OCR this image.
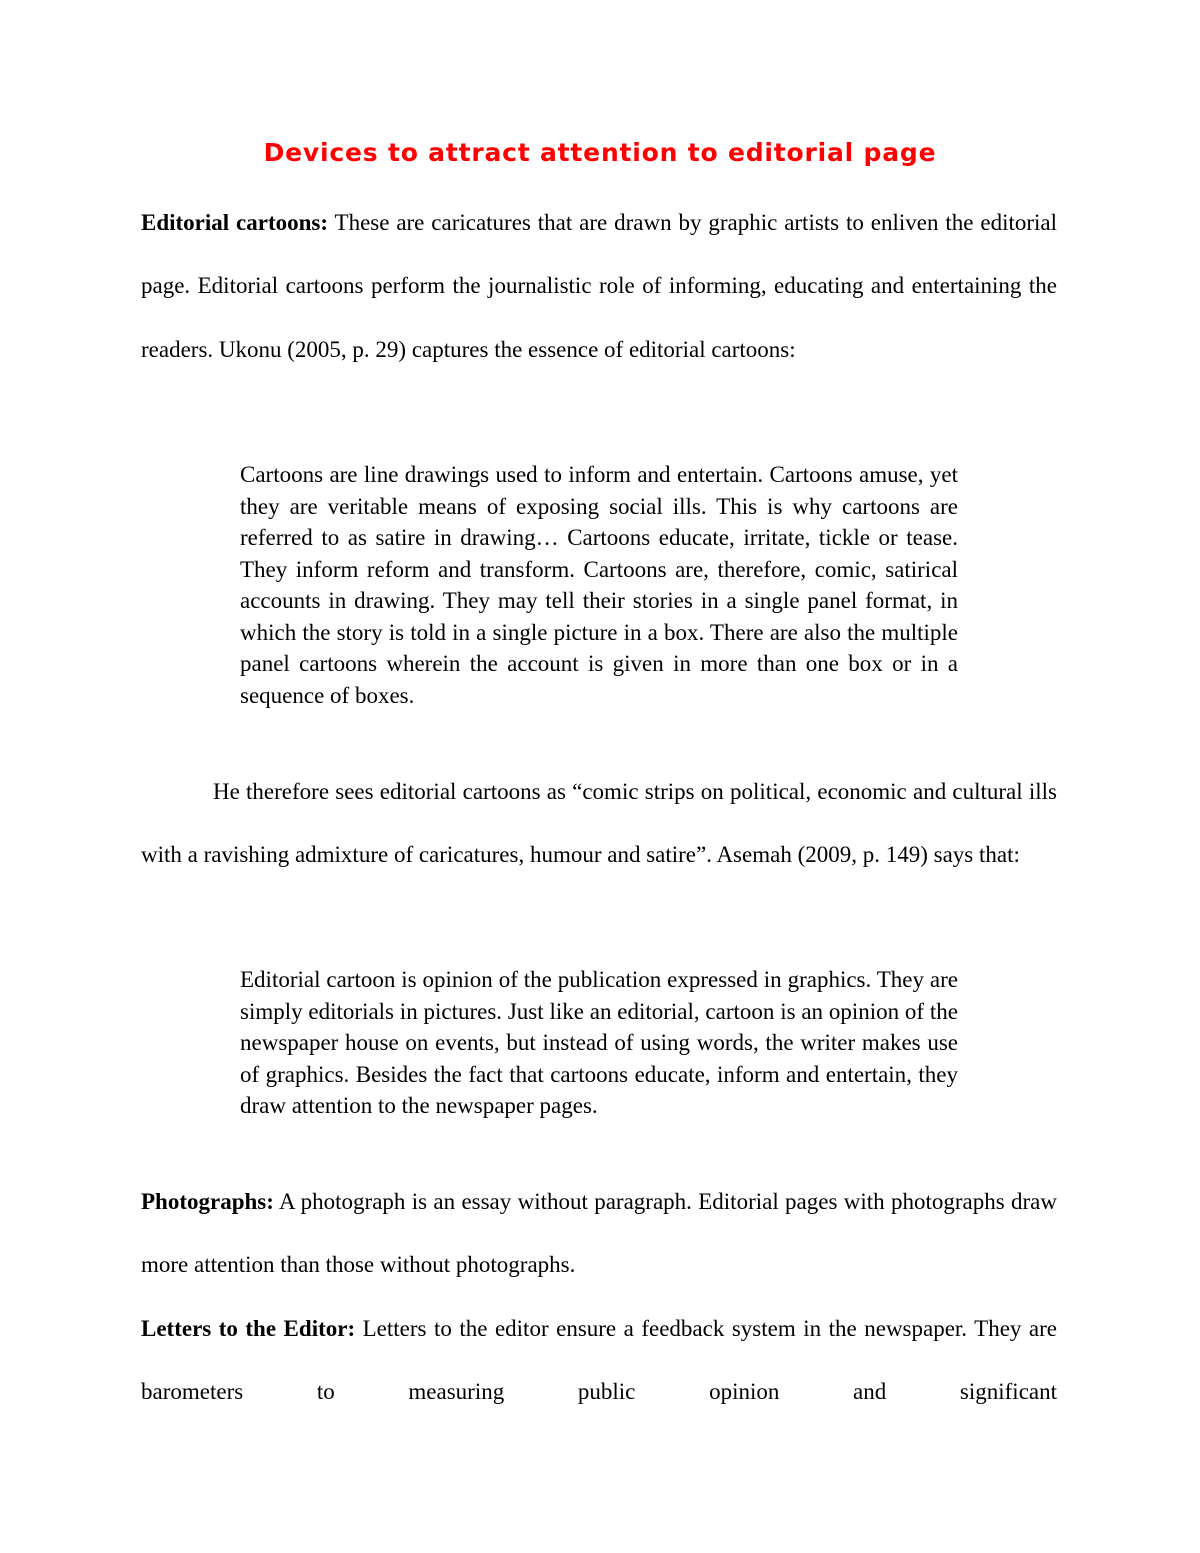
Devices to attract attention to editorial page

Editorial cartoons: These are caricatures that are drawn by graphic artists to enliven the editorial page. Editorial cartoons perform the journalistic role of informing, educating and entertaining the readers. Ukonu (2005, p. 29) captures the essence of editorial cartoons:

Cartoons are line drawings used to inform and entertain. Cartoons amuse, yet they are veritable means of exposing social ills. This is why cartoons are referred to as satire in drawing… Cartoons educate, irritate, tickle or tease. They inform reform and transform. Cartoons are, therefore, comic, satirical accounts in drawing. They may tell their stories in a single panel format, in which the story is told in a single picture in a box. There are also the multiple panel cartoons wherein the account is given in more than one box or in a sequence of boxes.

He therefore sees editorial cartoons as “comic strips on political, economic and cultural ills with a ravishing admixture of caricatures, humour and satire”. Asemah (2009, p. 149) says that:

Editorial cartoon is opinion of the publication expressed in graphics. They are simply editorials in pictures. Just like an editorial, cartoon is an opinion of the newspaper house on events, but instead of using words, the writer makes use of graphics. Besides the fact that cartoons educate, inform and entertain, they draw attention to the newspaper pages.

Photographs: A photograph is an essay without paragraph. Editorial pages with photographs draw more attention than those without photographs.

Letters to the Editor: Letters to the editor ensure a feedback system in the newspaper. They are barometers to measuring public opinion and significant
